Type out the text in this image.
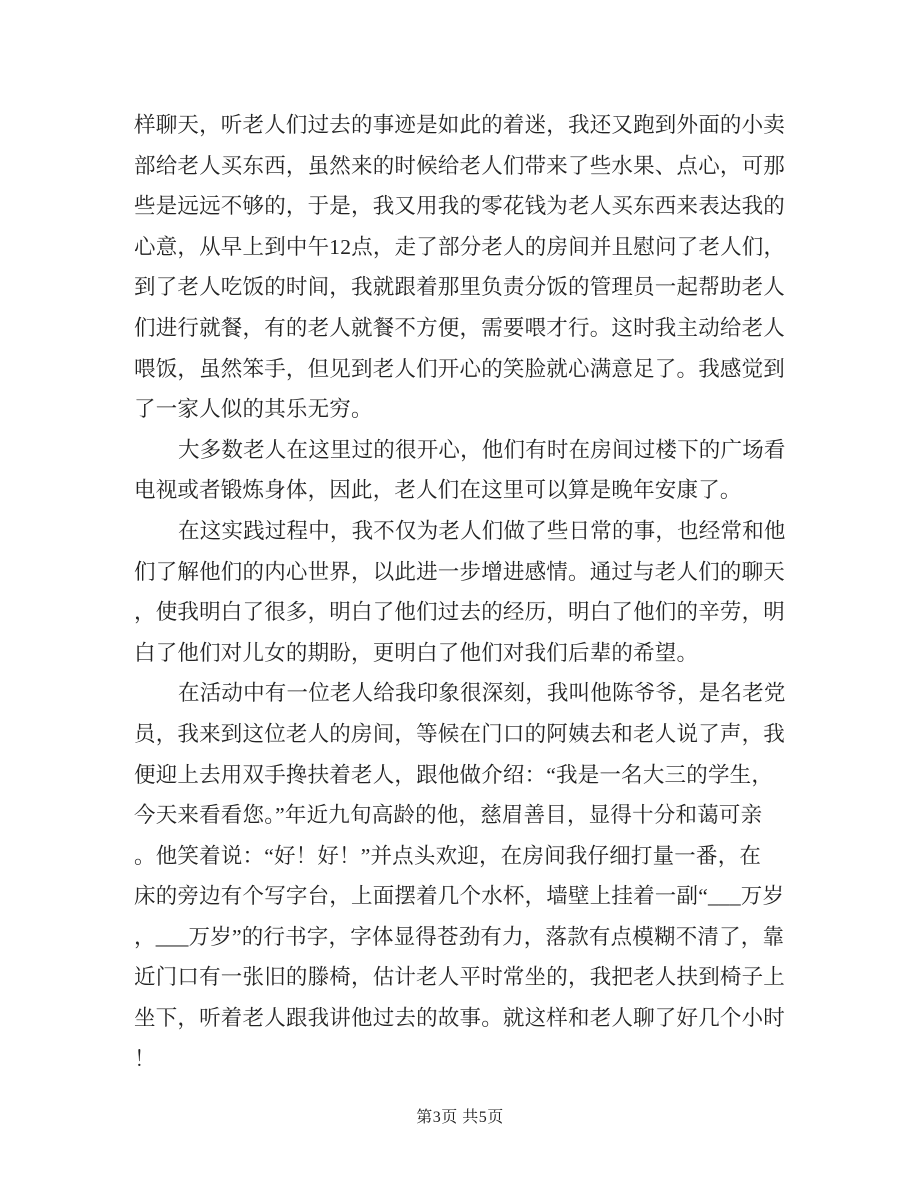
样聊天，听老人们过去的事迹是如此的着迷，我还又跑到外面的小卖
部给老人买东西，虽然来的时候给老人们带来了些水果、点心，可那
些是远远不够的，于是，我又用我的零花钱为老人买东西来表达我的
心意，从早上到中午12点，走了部分老人的房间并且慰问了老人们，
到了老人吃饭的时间，我就跟着那里负责分饭的管理员一起帮助老人
们进行就餐，有的老人就餐不方便，需要喂才行。这时我主动给老人
喂饭，虽然笨手，但见到老人们开心的笑脸就心满意足了。我感觉到
了一家人似的其乐无穷。
大多数老人在这里过的很开心，他们有时在房间过楼下的广场看
电视或者锻炼身体，因此，老人们在这里可以算是晚年安康了。
在这实践过程中，我不仅为老人们做了些日常的事，也经常和他
们了解他们的内心世界，以此进一步增进感情。通过与老人们的聊天
，使我明白了很多，明白了他们过去的经历，明白了他们的辛劳，明
白了他们对儿女的期盼，更明白了他们对我们后辈的希望。
在活动中有一位老人给我印象很深刻，我叫他陈爷爷，是名老党
员，我来到这位老人的房间，等候在门口的阿姨去和老人说了声，我
便迎上去用双手搀扶着老人，跟他做介绍：“我是一名大三的学生，
今天来看看您。”年近九旬高龄的他，慈眉善目，显得十分和蔼可亲
。他笑着说：“好！好！”并点头欢迎，在房间我仔细打量一番，在
床的旁边有个写字台，上面摆着几个水杯，墙壁上挂着一副“___万岁
，___万岁”的行书字，字体显得苍劲有力，落款有点模糊不清了，靠
近门口有一张旧的滕椅，估计老人平时常坐的，我把老人扶到椅子上
坐下，听着老人跟我讲他过去的故事。就这样和老人聊了好几个小时
！
第3页 共5页
